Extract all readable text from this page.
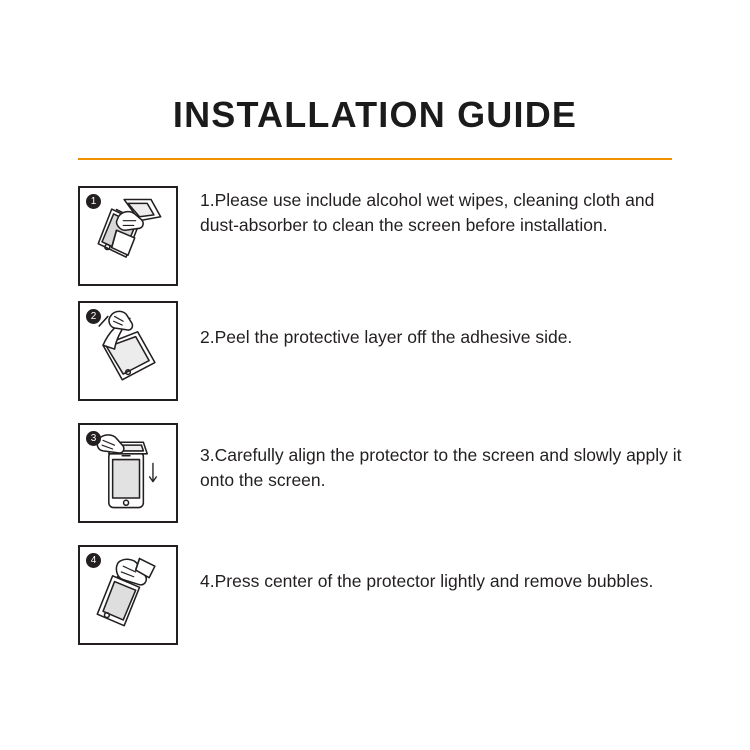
INSTALLATION GUIDE
1	1.Please use include alcohol wet wipes, cleaning cloth and dust-absorber to clean the screen before installation.
2
2.Peel the protective layer off the adhesive side.
3
3.Carefully align the protector to the screen and slowly apply it onto the screen.
4
4.Press center of the protector lightly and remove bubbles.
